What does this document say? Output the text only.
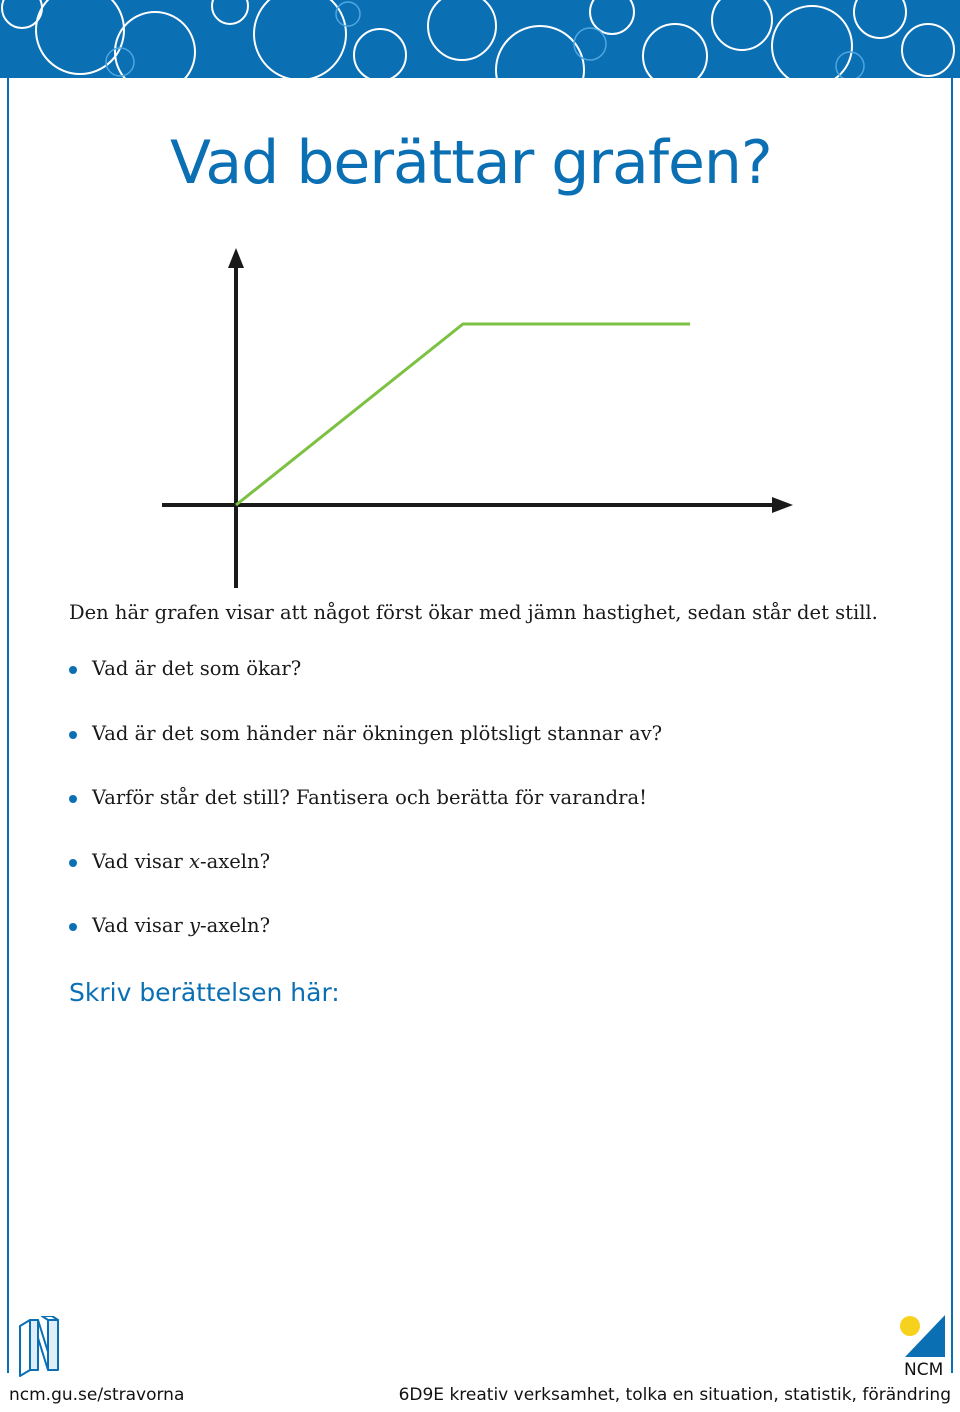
Vad berättar grafen?

Den här grafen visar att något först ökar med jämn hastighet, sedan står det still.

Vad är det som ökar?
Vad är det som händer när ökningen plötsligt stannar av?
Varför står det still? Fantisera och berätta för varandra!
Vad visar x-axeln?
Vad visar y-axeln?
Skriv berättelsen här:
NCM
ncm.gu.se/stravorna	6D9E kreativ verksamhet, tolka en situation, statistik, förändring
